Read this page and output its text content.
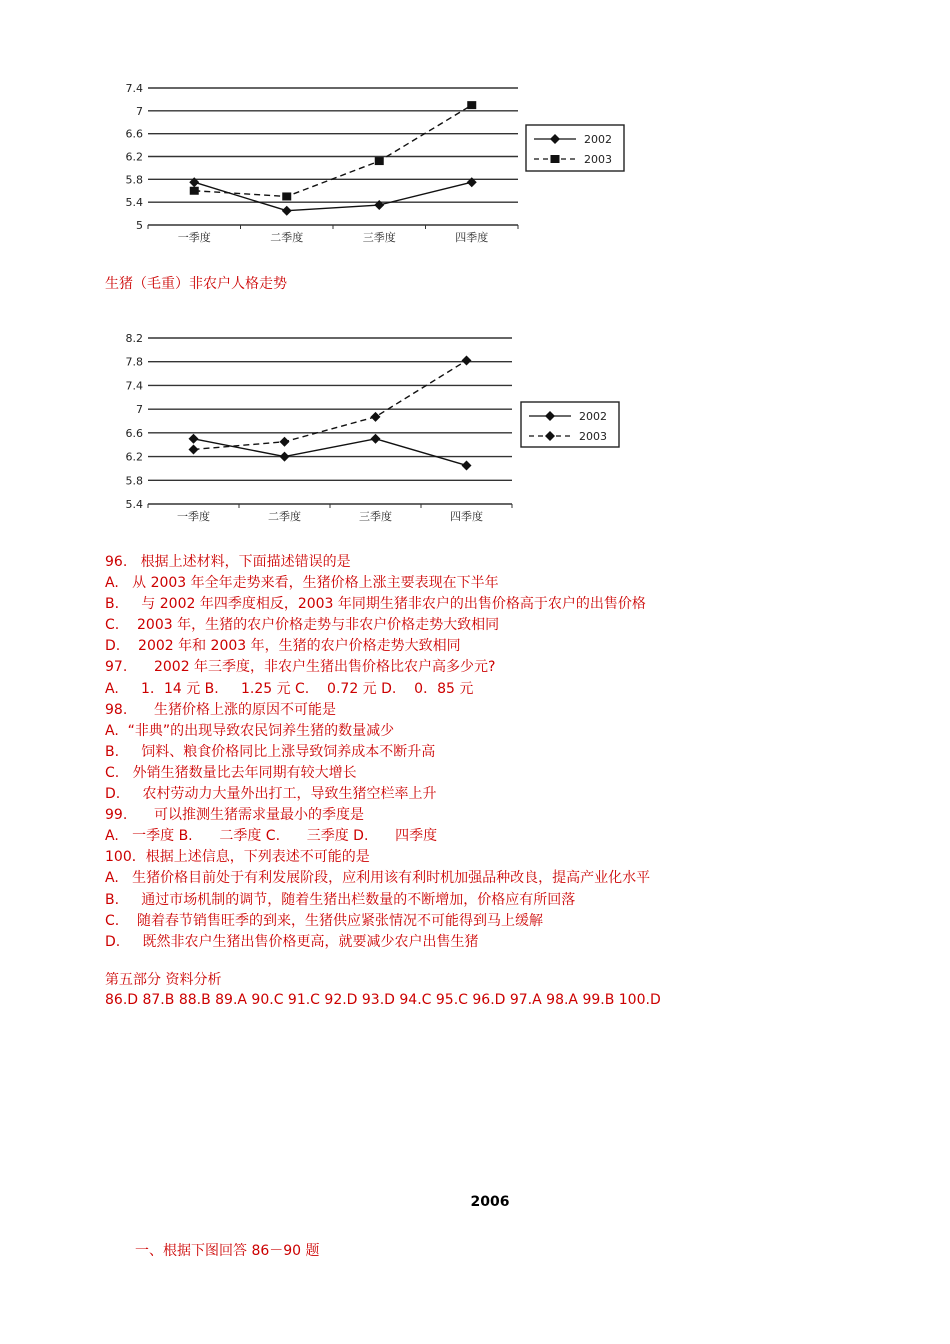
7.4
7
6.6
6.2
5.8
5.4
5
一季度	二季度	三季度	四季度
2002
2003
生猪（毛重）非农户人格走势
8.2
7.8
7.4
7
6.6
6.2
5.8
5.4
一季度	二季度	三季度	四季度
2002
2003
96.   根据上述材料，下面描述错误的是
A.   从 2003 年全年走势来看，生猪价格上涨主要表现在下半年
B.     与 2002 年四季度相反，2003 年同期生猪非农户的出售价格高于农户的出售价格
C.    2003 年，生猪的农户价格走势与非农户价格走势大致相同
D.    2002 年和 2003 年，生猪的农户价格走势大致相同
97.      2002 年三季度，非农户生猪出售价格比农户高多少元?
A.     1．14 元 B.     1.25 元 C.    0.72 元 D.    0．85 元
98.      生猪价格上涨的原因不可能是
A.  “非典”的出现导致农民饲养生猪的数量减少
B.     饲料、粮食价格同比上涨导致饲养成本不断升高
C.   外销生猪数量比去年同期有较大增长
D.     农村劳动力大量外出打工，导致生猪空栏率上升
99.      可以推测生猪需求量最小的季度是
A.   一季度 B.      二季度 C.      三季度 D.      四季度
100．根据上述信息，下列表述不可能的是
A.   生猪价格目前处于有利发展阶段，应利用该有利时机加强品种改良，提高产业化水平
B.     通过市场机制的调节，随着生猪出栏数量的不断增加，价格应有所回落
C.    随着春节销售旺季的到来，生猪供应紧张情况不可能得到马上缓解
D.     既然非农户生猪出售价格更高，就要减少农户出售生猪
第五部分 资料分析
86.D 87.B 88.B 89.A 90.C 91.C 92.D 93.D 94.C 95.C 96.D 97.A 98.A 99.B 100.D
2006
一、根据下图回答 86－90 题
